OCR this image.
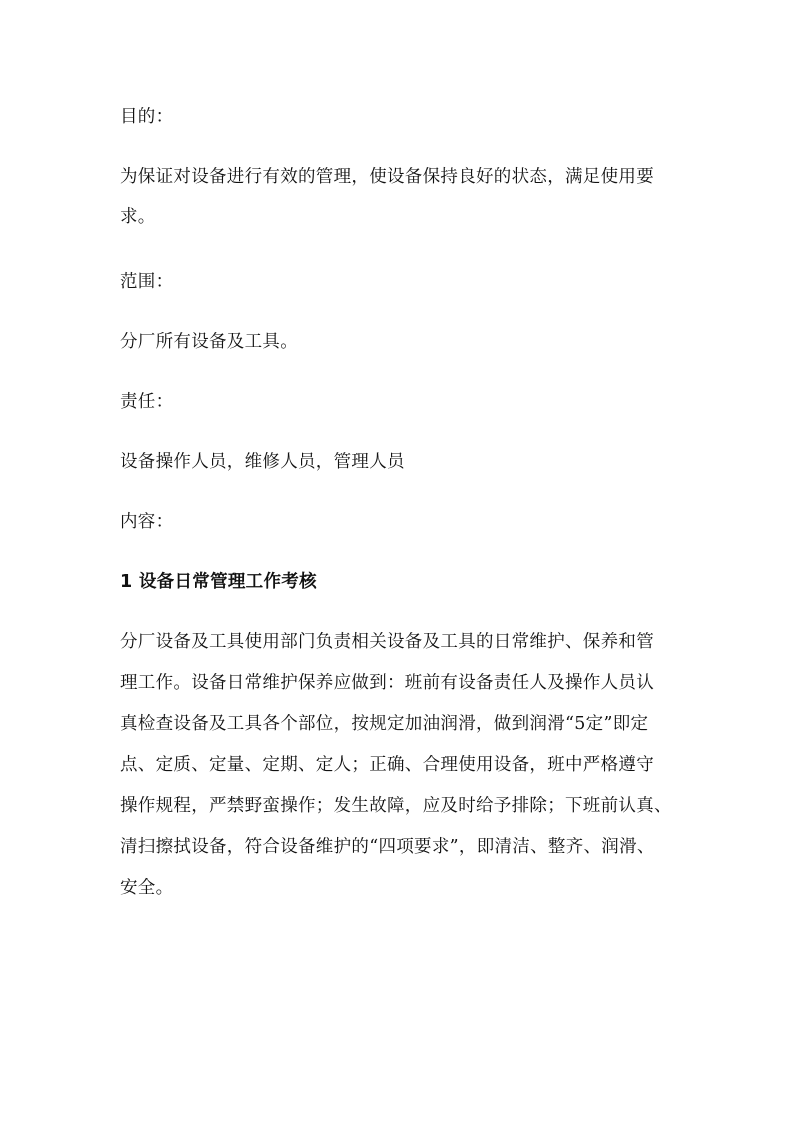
目的：
为保证对设备进行有效的管理，使设备保持良好的状态，满足使用要
求。
范围：
分厂所有设备及工具。
责任：
设备操作人员，维修人员，管理人员
内容：
1 设备日常管理工作考核
分厂设备及工具使用部门负责相关设备及工具的日常维护、保养和管
理工作。设备日常维护保养应做到：班前有设备责任人及操作人员认
真检查设备及工具各个部位，按规定加油润滑，做到润滑“5定”即定
点、定质、定量、定期、定人；正确、合理使用设备，班中严格遵守
操作规程，严禁野蛮操作；发生故障，应及时给予排除；下班前认真、
清扫擦拭设备，符合设备维护的“四项要求”，即清洁、整齐、润滑、
安全。
